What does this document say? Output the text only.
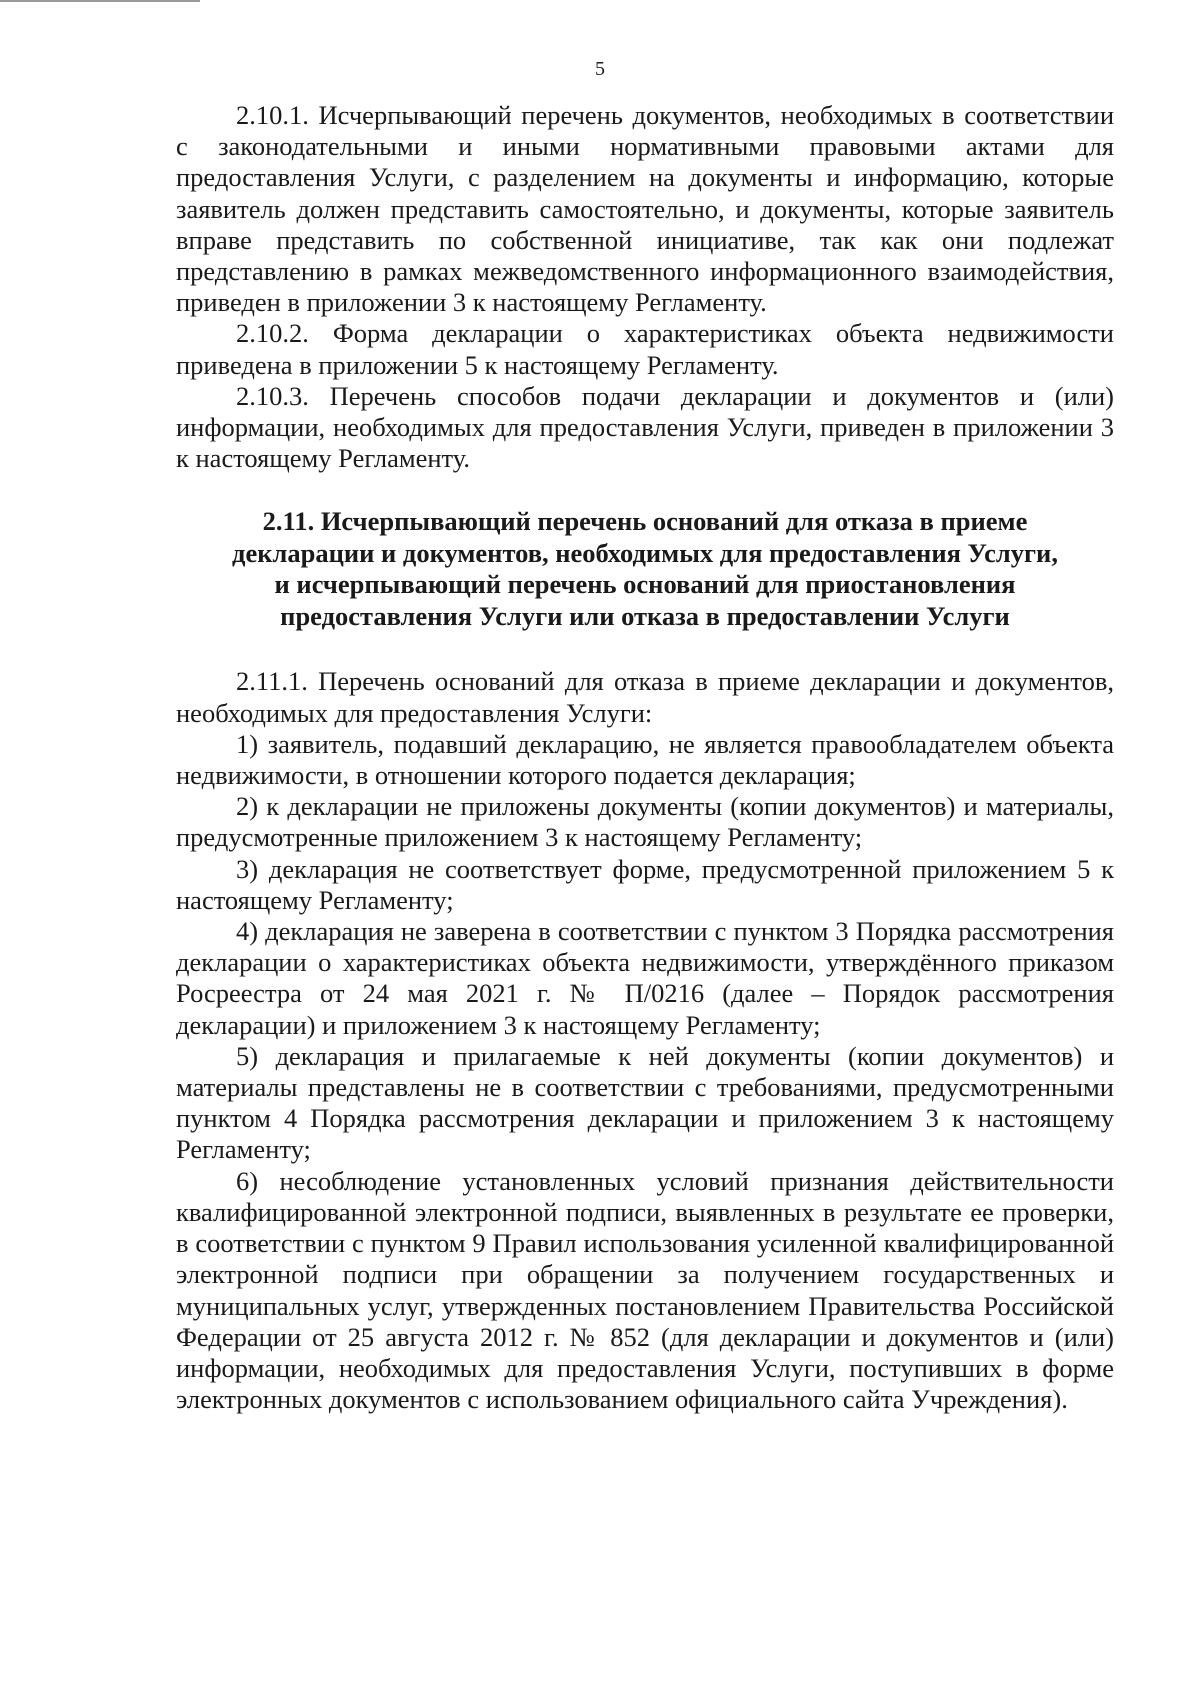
5

2.10.1. Исчерпывающий перечень документов, необходимых в соответствии с законодательными и иными нормативными правовыми актами для предоставления Услуги, с разделением на документы и информацию, которые заявитель должен представить самостоятельно, и документы, которые заявитель вправе представить по собственной инициативе, так как они подлежат представлению в рамках межведомственного информационного взаимодействия, приведен в приложении 3 к настоящему Регламенту.

2.10.2. Форма декларации о характеристиках объекта недвижимости приведена в приложении 5 к настоящему Регламенту.

2.10.3. Перечень способов подачи декларации и документов и (или) информации, необходимых для предоставления Услуги, приведен в приложении 3 к настоящему Регламенту.

2.11. Исчерпывающий перечень оснований для отказа в приеме
декларации и документов, необходимых для предоставления Услуги,
и исчерпывающий перечень оснований для приостановления
предоставления Услуги или отказа в предоставлении Услуги

2.11.1. Перечень оснований для отказа в приеме декларации и документов, необходимых для предоставления Услуги:

1) заявитель, подавший декларацию, не является правообладателем объекта недвижимости, в отношении которого подается декларация;

2) к декларации не приложены документы (копии документов) и материалы, предусмотренные приложением 3 к настоящему Регламенту;

3) декларация не соответствует форме, предусмотренной приложением 5 к настоящему Регламенту;

4) декларация не заверена в соответствии с пунктом 3 Порядка рассмотрения декларации о характеристиках объекта недвижимости, утверждённого приказом Росреестра от 24 мая 2021 г. № П/0216 (далее – Порядок рассмотрения декларации) и приложением 3 к настоящему Регламенту;

5) декларация и прилагаемые к ней документы (копии документов) и материалы представлены не в соответствии с требованиями, предусмотренными пунктом 4 Порядка рассмотрения декларации и приложением 3 к настоящему Регламенту;

6) несоблюдение установленных условий признания действительности квалифицированной электронной подписи, выявленных в результате ее проверки, в соответствии с пунктом 9 Правил использования усиленной квалифицированной электронной подписи при обращении за получением государственных и муниципальных услуг, утвержденных постановлением Правительства Российской Федерации от 25 августа 2012 г. № 852 (для декларации и документов и (или) информации, необходимых для предоставления Услуги, поступивших в форме электронных документов с использованием официального сайта Учреждения).
